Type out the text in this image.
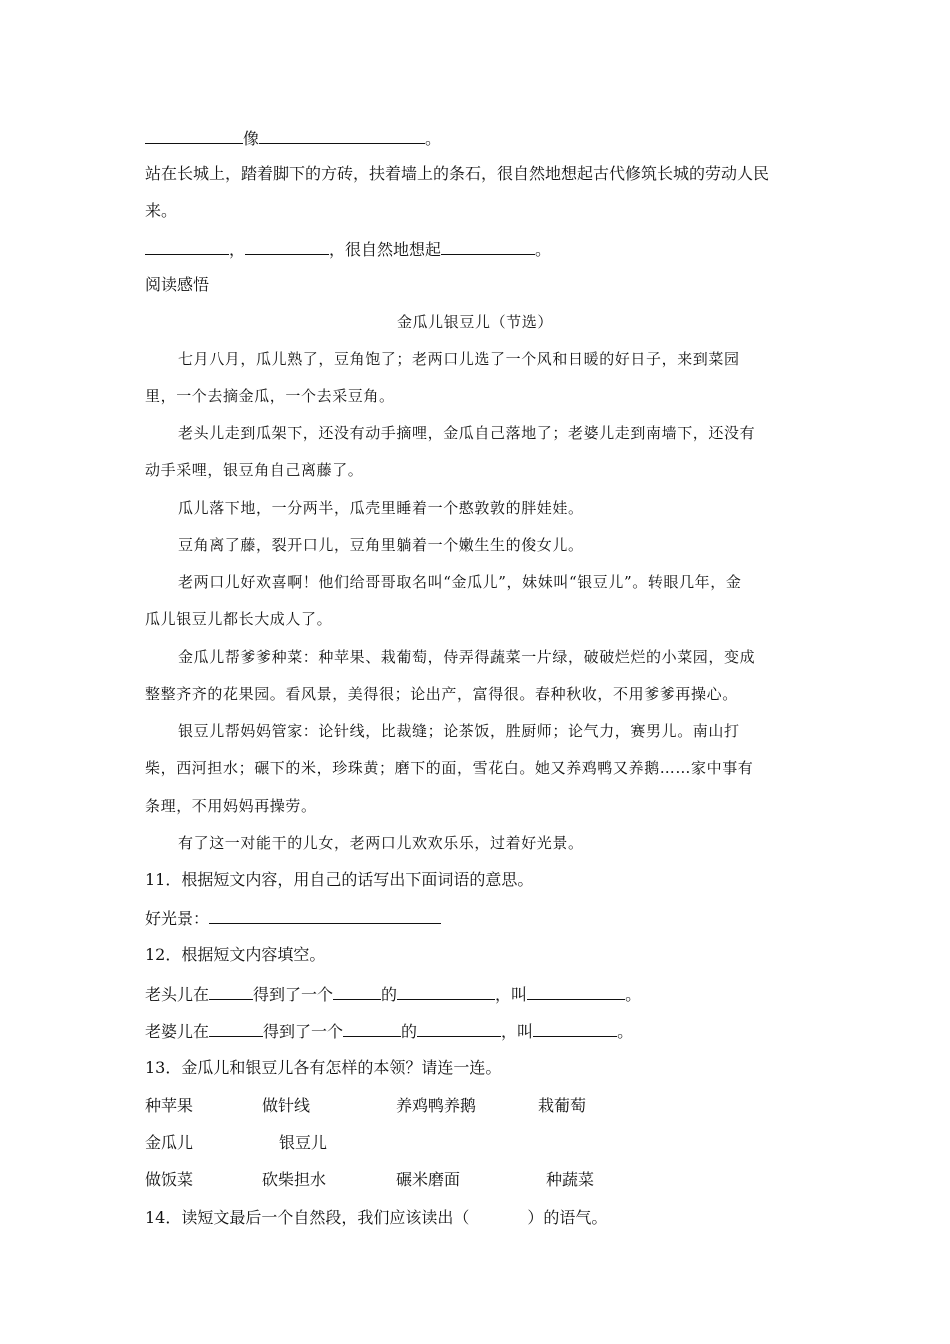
像	。
站在长城上，踏着脚下的方砖，扶着墙上的条石，很自然地想起古代修筑长城的劳动人民
来。
，	，很自然地想起	。
阅读感悟
金瓜儿银豆儿（节选）
七月八月，瓜儿熟了，豆角饱了；老两口儿选了一个风和日暖的好日子，来到菜园
里，一个去摘金瓜，一个去采豆角。
老头儿走到瓜架下，还没有动手摘哩，金瓜自己落地了；老婆儿走到南墙下，还没有
动手采哩，银豆角自己离藤了。
瓜儿落下地，一分两半，瓜壳里睡着一个憨敦敦的胖娃娃。
豆角离了藤，裂开口儿，豆角里躺着一个嫩生生的俊女儿。
老两口儿好欢喜啊！他们给哥哥取名叫“金瓜儿”，妹妹叫“银豆儿”。转眼几年，金
瓜儿银豆儿都长大成人了。
金瓜儿帮爹爹种菜：种苹果、栽葡萄，侍弄得蔬菜一片绿，破破烂烂的小菜园，变成
整整齐齐的花果园。看风景，美得很；论出产，富得很。春种秋收，不用爹爹再操心。
银豆儿帮妈妈管家：论针线，比裁缝；论茶饭，胜厨师；论气力，赛男儿。南山打
柴，西河担水；碾下的米，珍珠黄；磨下的面，雪花白。她又养鸡鸭又养鹅……家中事有
条理，不用妈妈再操劳。
有了这一对能干的儿女，老两口儿欢欢乐乐，过着好光景。
11．根据短文内容，用自己的话写出下面词语的意思。
好光景：
12．根据短文内容填空。
老头儿在	得到了一个	的	，叫	。
老婆儿在	得到了一个	的	，叫	。
13．金瓜儿和银豆儿各有怎样的本领？请连一连。
种苹果	做针线	养鸡鸭养鹅	栽葡萄
金瓜儿	银豆儿
做饭菜	砍柴担水	碾米磨面	种蔬菜
14．读短文最后一个自然段，我们应该读出（	）的语气。
